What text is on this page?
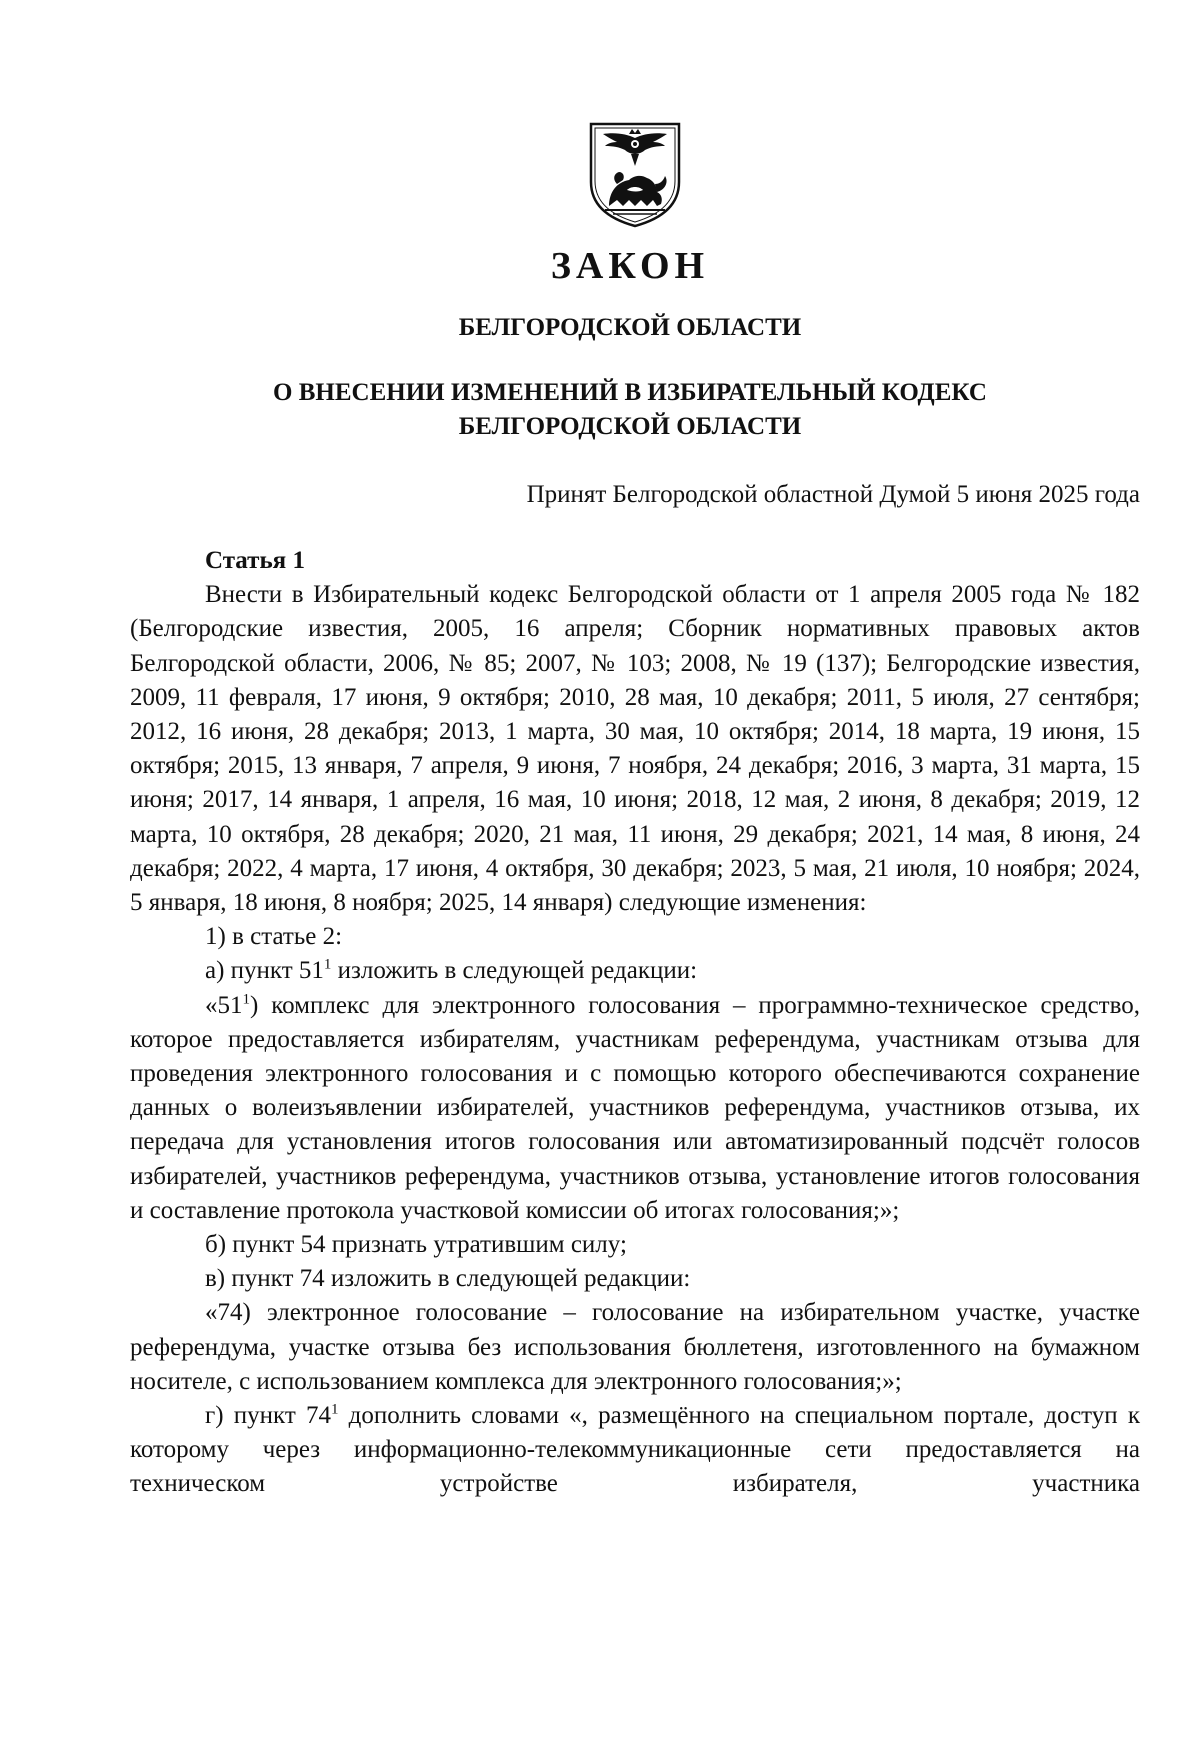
ЗАКОН
БЕЛГОРОДСКОЙ ОБЛАСТИ
О ВНЕСЕНИИ ИЗМЕНЕНИЙ В ИЗБИРАТЕЛЬНЫЙ КОДЕКС
БЕЛГОРОДСКОЙ ОБЛАСТИ
Принят Белгородской областной Думой 5 июня 2025 года

Статья 1

Внести в Избирательный кодекс Белгородской области от 1 апреля 2005 года № 182 (Белгородские известия, 2005, 16 апреля; Сборник нормативных правовых актов Белгородской области, 2006, № 85; 2007, № 103; 2008, № 19 (137); Белгородские известия, 2009, 11 февраля, 17 июня, 9 октября; 2010, 28 мая, 10 декабря; 2011, 5 июля, 27 сентября; 2012, 16 июня, 28 декабря; 2013, 1 марта, 30 мая, 10 октября; 2014, 18 марта, 19 июня, 15 октября; 2015, 13 января, 7 апреля, 9 июня, 7 ноября, 24 декабря; 2016, 3 марта, 31 марта, 15 июня; 2017, 14 января, 1 апреля, 16 мая, 10 июня; 2018, 12 мая, 2 июня, 8 декабря; 2019, 12 марта, 10 октября, 28 декабря; 2020, 21 мая, 11 июня, 29 декабря; 2021, 14 мая, 8 июня, 24 декабря; 2022, 4 марта, 17 июня, 4 октября, 30 декабря; 2023, 5 мая, 21 июля, 10 ноября; 2024, 5 января, 18 июня, 8 ноября; 2025, 14 января) следующие изменения:

1) в статье 2:

а) пункт $51^1$ изложить в следующей редакции:

«$51^1$) комплекс для электронного голосования – программно-техническое средство, которое предоставляется избирателям, участникам референдума, участникам отзыва для проведения электронного голосования и с помощью которого обеспечиваются сохранение данных о волеизъявлении избирателей, участников референдума, участников отзыва, их передача для установления итогов голосования или автоматизированный подсчёт голосов избирателей, участников референдума, участников отзыва, установление итогов голосования и составление протокола участковой комиссии об итогах голосования;»;

б) пункт 54 признать утратившим силу;

в) пункт 74 изложить в следующей редакции:

«74) электронное голосование – голосование на избирательном участке, участке референдума, участке отзыва без использования бюллетеня, изготовленного на бумажном носителе, с использованием комплекса для электронного голосования;»;

г) пункт $74^1$ дополнить словами «, размещённого на специальном портале, доступ к которому через информационно-телекоммуникационные сети предоставляется на техническом устройстве избирателя, участника
